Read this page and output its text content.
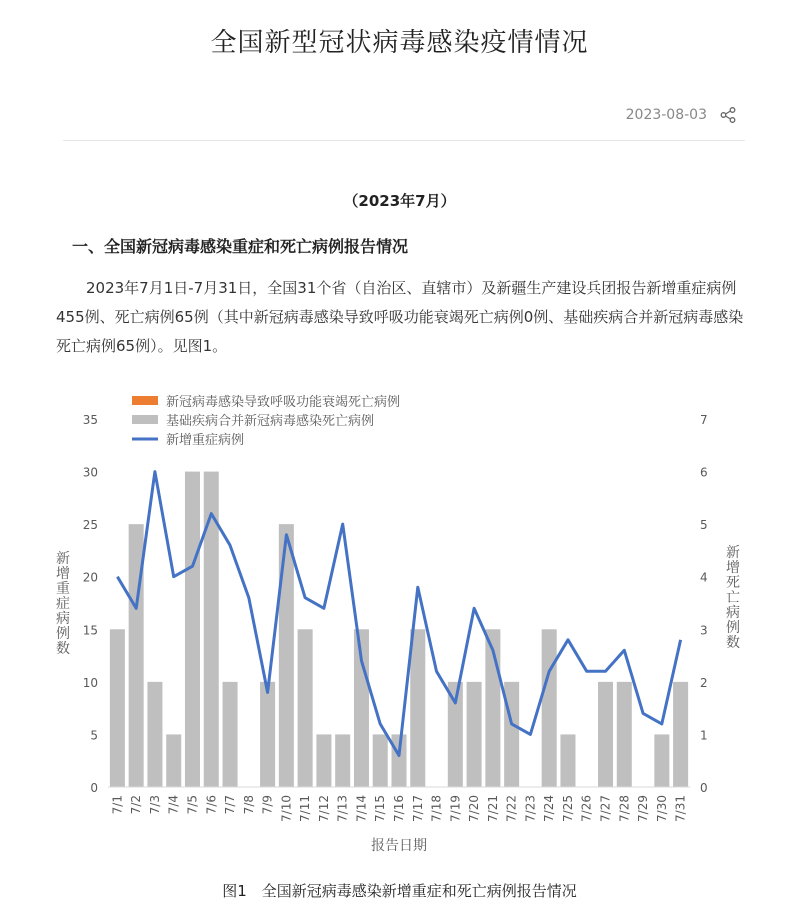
全国新型冠状病毒感染疫情情况
2023-08-03
（2023年7月）
一、全国新冠病毒感染重症和死亡病例报告情况

2023年7月1日-7月31日，全国31个省（自治区、直辖市）及新疆生产建设兵团报告新增重症病例455例、死亡病例65例（其中新冠病毒感染导致呼吸功能衰竭死亡病例0例、基础疾病合并新冠病毒感染死亡病例65例）。见图1。

0
5
10
15
20
25
30
35
0
1
2
3
4
5
6
7
7/1 7/2 7/3 7/4 7/5 7/6 7/7 7/8 7/9 7/10 7/11 7/12 7/13 7/14 7/15 7/16 7/17 7/18 7/19 7/20 7/21 7/22 7/23 7/24 7/25 7/26 7/27 7/28 7/29 7/30 7/31
报告日期
新增重症病例数
新增
死亡病例数
新冠病毒感染导致呼吸功能衰竭死亡病例
基础疾病合并新冠病毒感染死亡病例
新增重症病例
图1　全国新冠病毒感染新增重症和死亡病例报告情况
